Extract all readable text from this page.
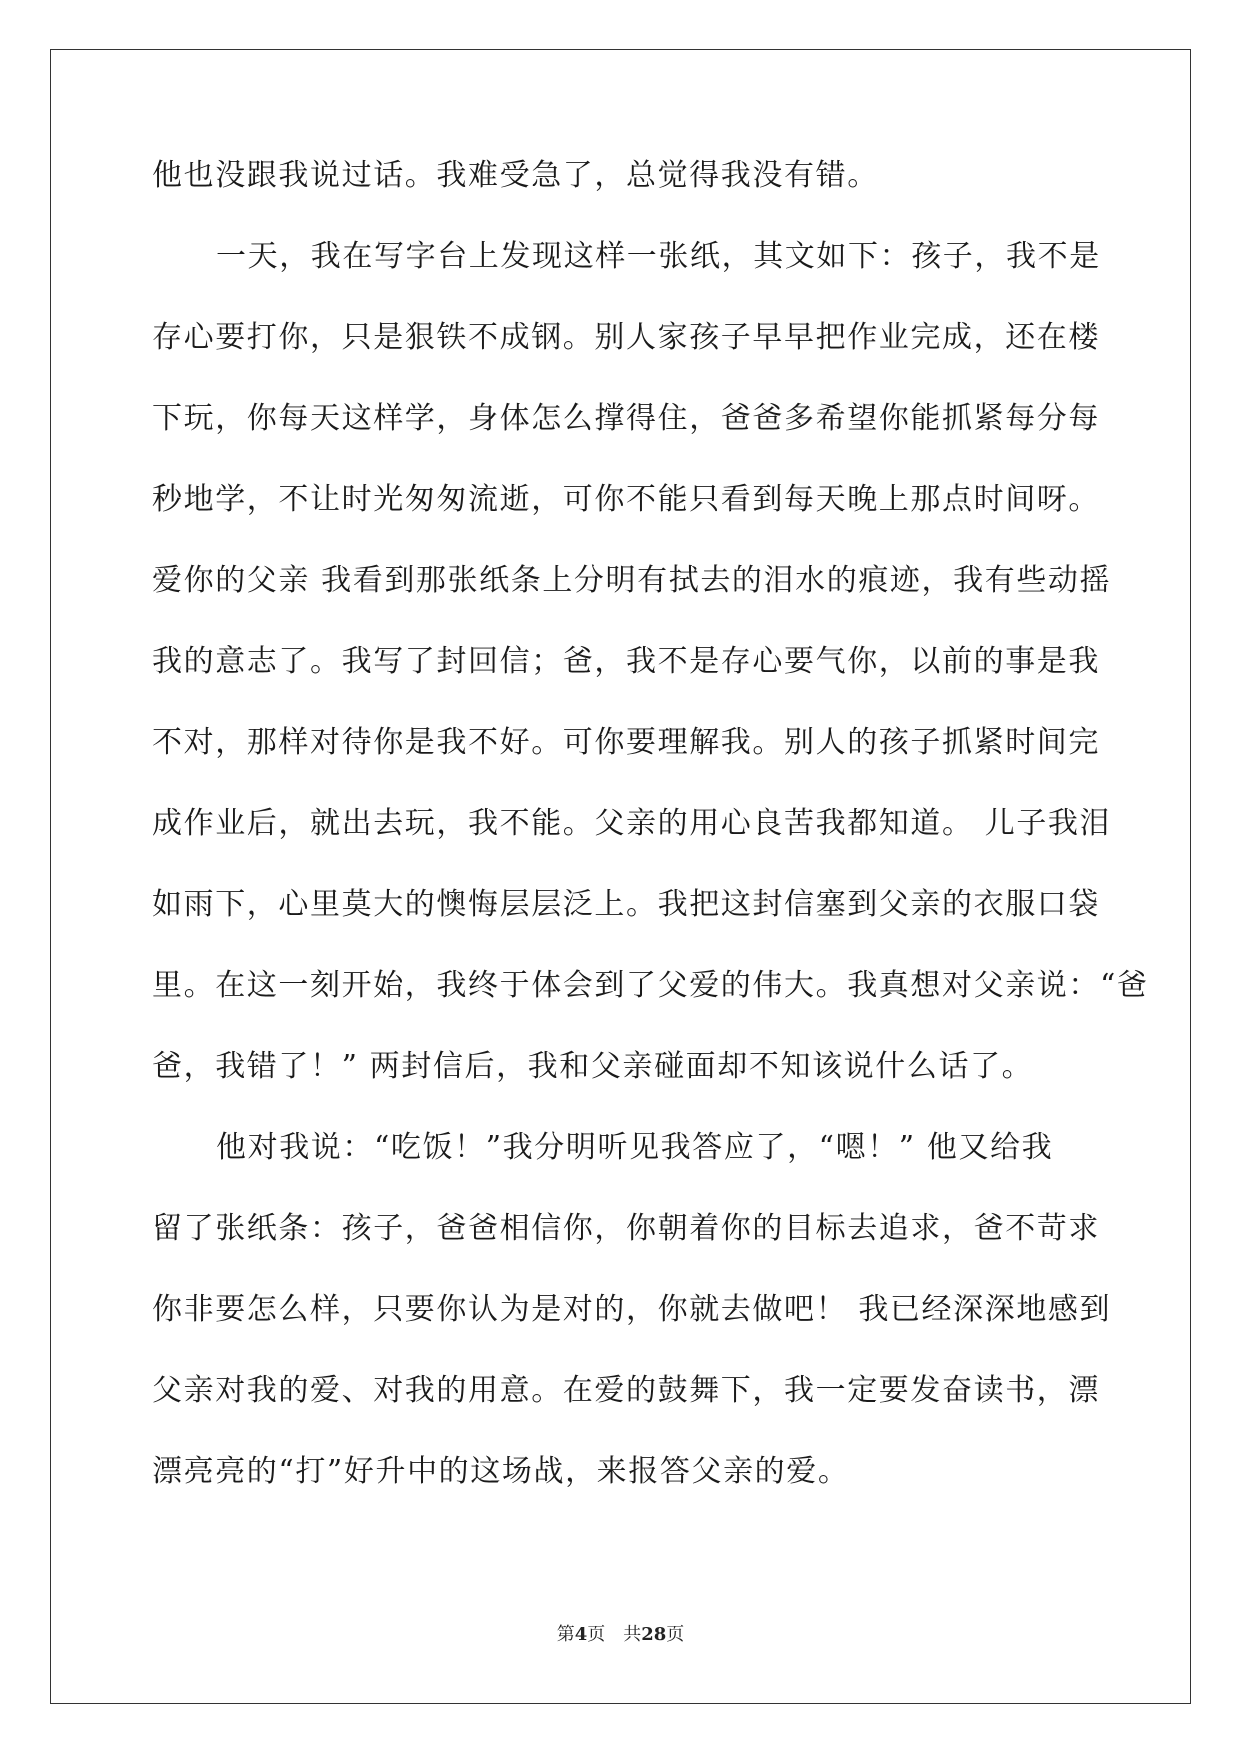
他也没跟我说过话。我难受急了，总觉得我没有错。
一天，我在写字台上发现这样一张纸，其文如下：孩子，我不是
存心要打你，只是狠铁不成钢。别人家孩子早早把作业完成，还在楼
下玩，你每天这样学，身体怎么撑得住，爸爸多希望你能抓紧每分每
秒地学，不让时光匆匆流逝，可你不能只看到每天晚上那点时间呀。
爱你的父亲 我看到那张纸条上分明有拭去的泪水的痕迹，我有些动摇
我的意志了。我写了封回信；爸，我不是存心要气你，以前的事是我
不对，那样对待你是我不好。可你要理解我。别人的孩子抓紧时间完
成作业后，就出去玩，我不能。父亲的用心良苦我都知道。 儿子我泪
如雨下，心里莫大的懊悔层层泛上。我把这封信塞到父亲的衣服口袋
里。在这一刻开始，我终于体会到了父爱的伟大。我真想对父亲说：“爸
爸，我错了！” 两封信后，我和父亲碰面却不知该说什么话了。
他对我说：“吃饭！”我分明听见我答应了，“嗯！” 他又给我
留了张纸条：孩子，爸爸相信你，你朝着你的目标去追求，爸不苛求
你非要怎么样，只要你认为是对的，你就去做吧！ 我已经深深地感到
父亲对我的爱、对我的用意。在爱的鼓舞下，我一定要发奋读书，漂
漂亮亮的“打”好升中的这场战，来报答父亲的爱。
第4页　共28页
